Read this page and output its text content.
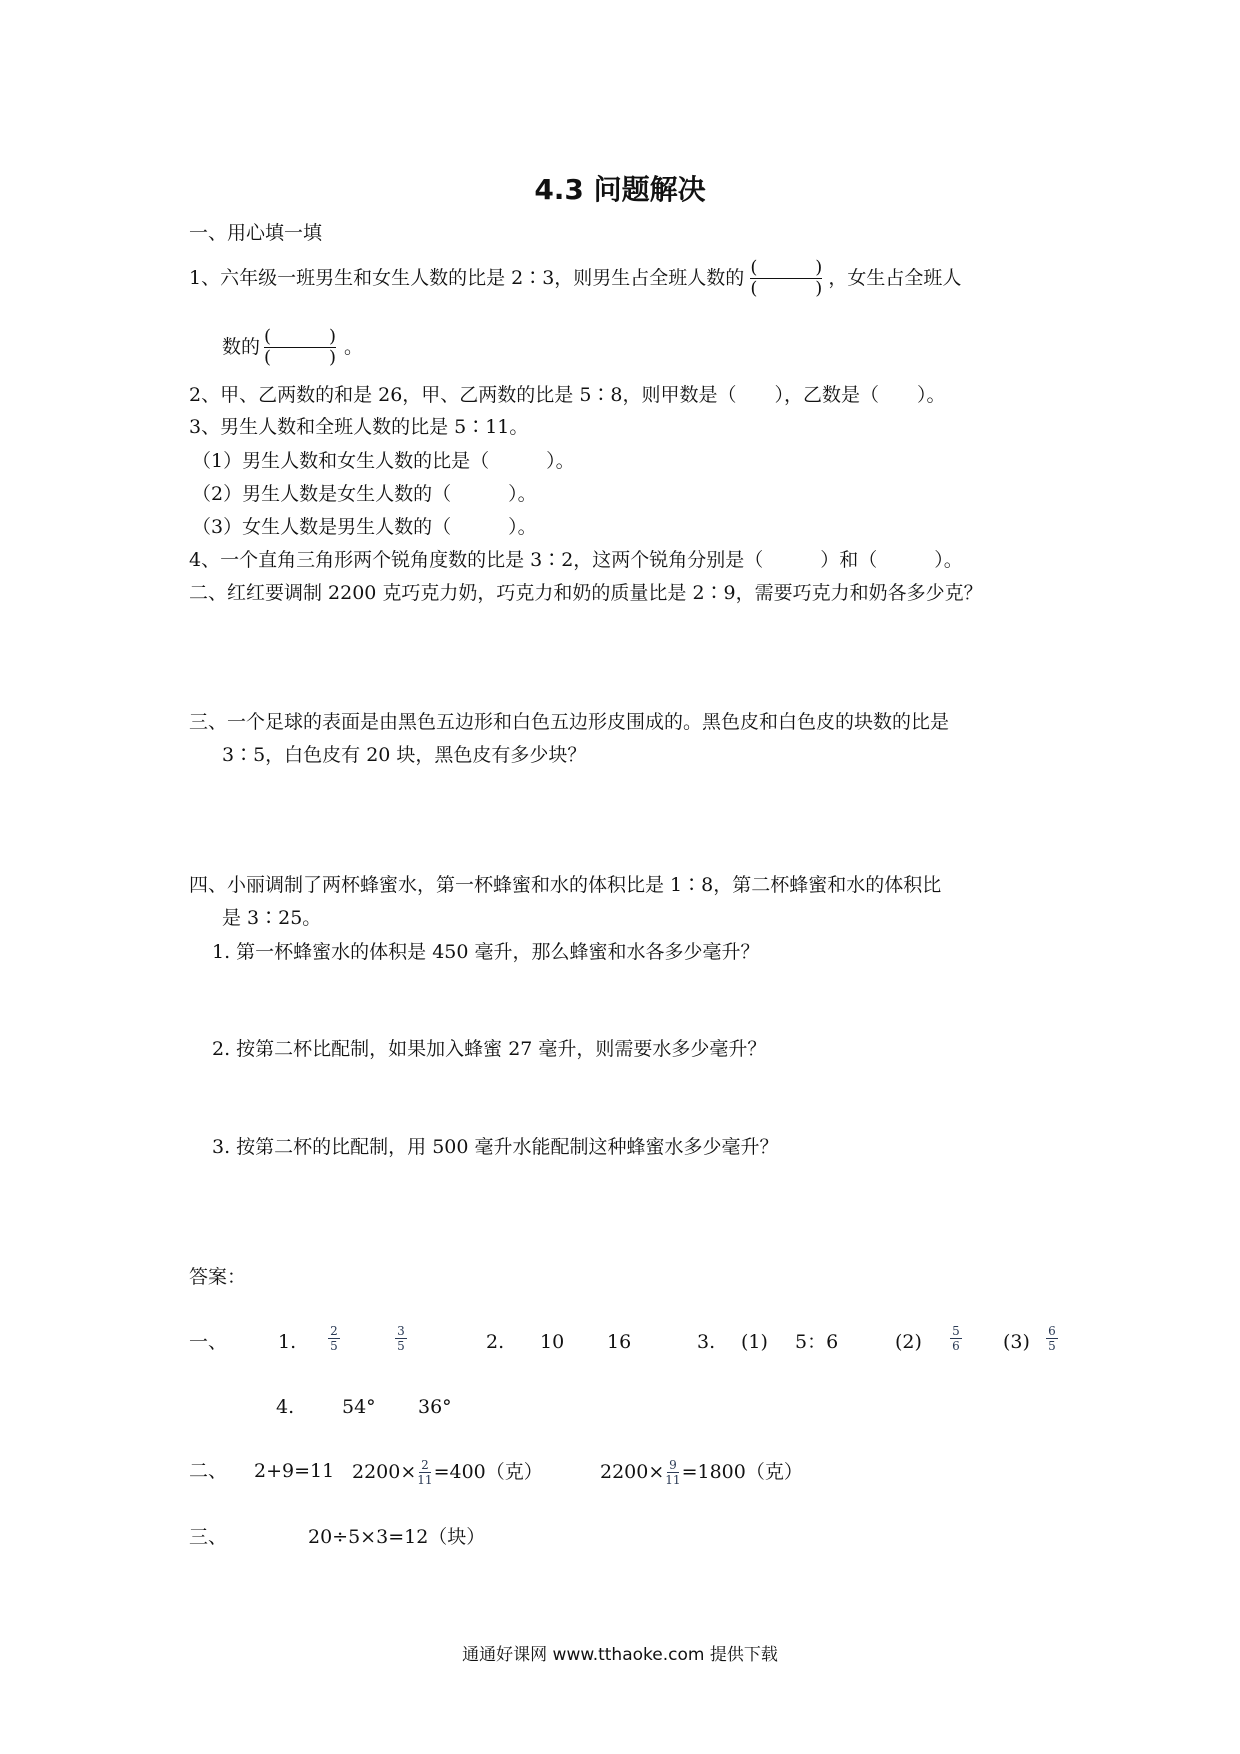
4.3 问题解决
一、用心填一填
1、六年级一班男生和女生人数的比是 2∶3，则男生占全班人数的 (	)
(	) ，女生占全班人
数的 (	)
(	) 。
2、甲、乙两数的和是 26，甲、乙两数的比是 5∶8，则甲数是（　　），乙数是（　　）。
3、男生人数和全班人数的比是 5∶11。
（1）男生人数和女生人数的比是（　　　）。
（2）男生人数是女生人数的（　　　）。
（3）女生人数是男生人数的（　　　）。
4、一个直角三角形两个锐角度数的比是 3∶2，这两个锐角分别是（　　　）和（　　　）。
二、红红要调制 2200 克巧克力奶，巧克力和奶的质量比是 2∶9，需要巧克力和奶各多少克？
三、一个足球的表面是由黑色五边形和白色五边形皮围成的。黑色皮和白色皮的块数的比是
3∶5，白色皮有 20 块，黑色皮有多少块？
四、小丽调制了两杯蜂蜜水，第一杯蜂蜜和水的体积比是 1∶8，第二杯蜂蜜和水的体积比
是 3∶25。
1. 第一杯蜂蜜水的体积是 450 毫升，那么蜂蜜和水各多少毫升？
2. 按第二杯比配制，如果加入蜂蜜 27 毫升，则需要水多少毫升？
3. 按第二杯的比配制，用 500 毫升水能配制这种蜂蜜水多少毫升？
答案：
一、	1.	$\frac{2}{5}$	$\frac{3}{5}$	2. 10 16	3. (1) 5：6	$(2) \frac{5}{6} (3) \frac{6}{5}$
4.	54° 36°
二、 2+9=11 2200× 2
11 =400（克）	2200× 9
11 =1800（克）
三、	20÷5×3=12（块）
通通好课网 www.tthaoke.com 提供下载
